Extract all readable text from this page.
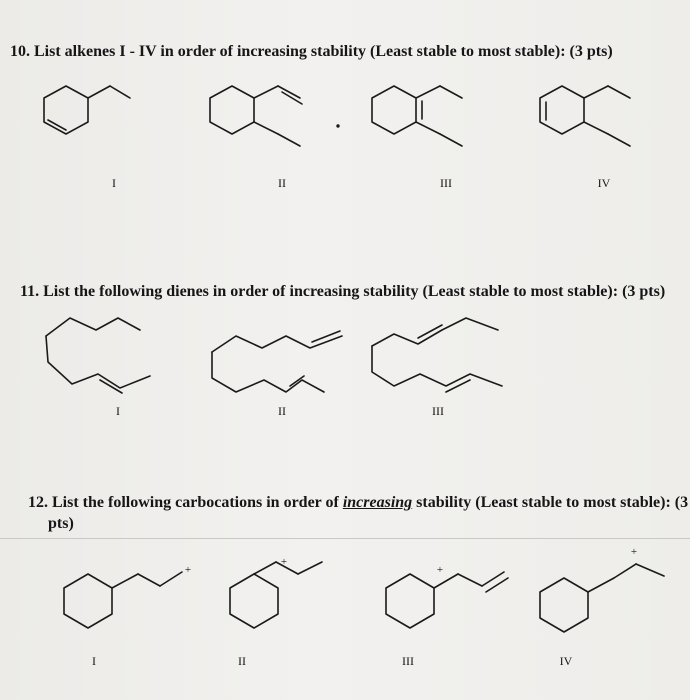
10. List alkenes I - IV in order of increasing stability (Least stable to most stable): (3 pts)
11. List the following dienes in order of increasing stability (Least stable to most stable): (3 pts)
12. List the following carbocations in order of increasing stability (Least stable to most stable): (3
pts)
+
+
+
+
I	II	III	IV
I	II	III
I	II	III	IV
